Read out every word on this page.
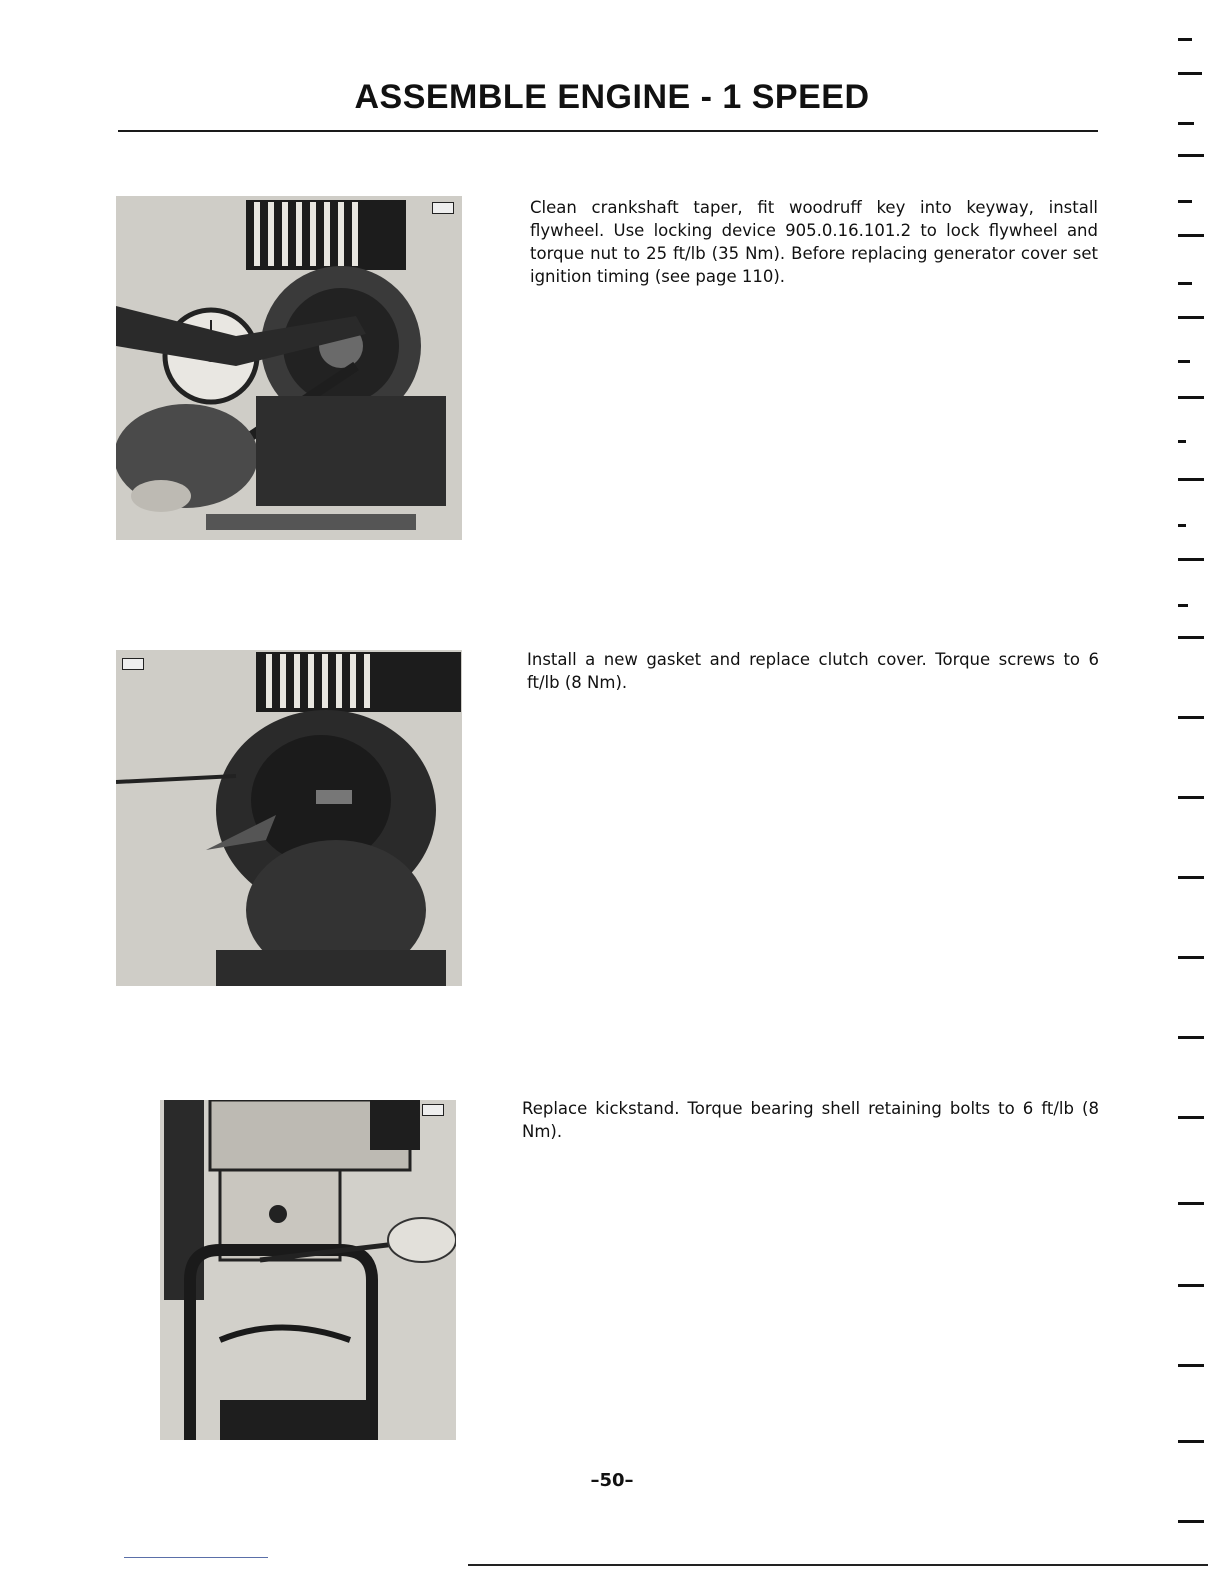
ASSEMBLE ENGINE - 1 SPEED

Clean crankshaft taper, fit woodruff key into keyway, install flywheel. Use locking device 905.0.16.101.2 to lock flywheel and torque nut to 25 ft/lb (35 Nm). Before replacing generator cover set ignition timing (see page 110).

Install a new gasket and replace clutch cover. Torque screws to 6 ft/lb (8 Nm).

Replace kickstand. Torque bearing shell retaining bolts to 6 ft/lb (8 Nm).
–50–
